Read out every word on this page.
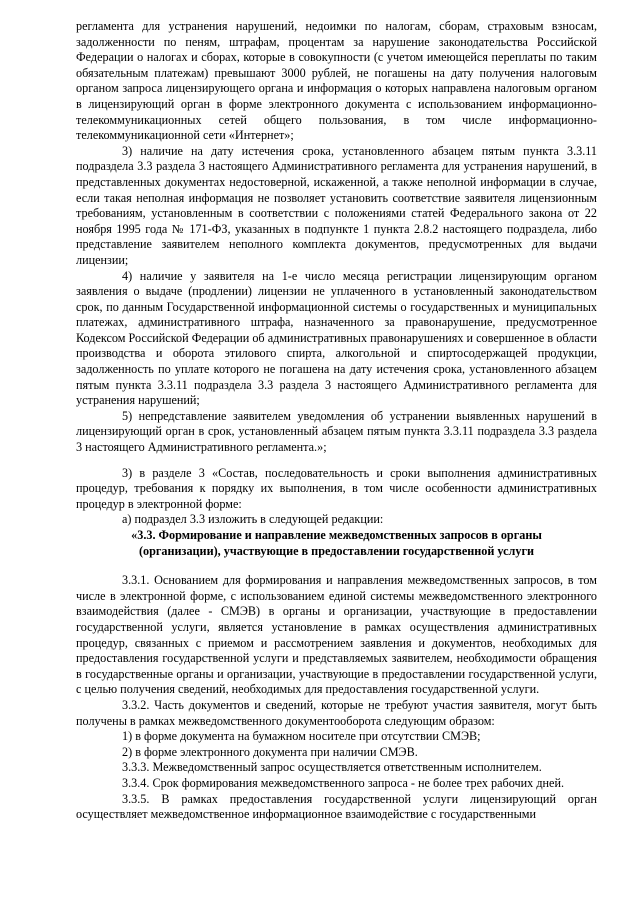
регламента для устранения нарушений, недоимки по налогам, сборам, страховым взносам, задолженности по пеням, штрафам, процентам за нарушение законодательства Российской Федерации о налогах и сборах, которые в совокупности (с учетом имеющейся переплаты по таким обязательным платежам) превышают 3000 рублей, не погашены на дату получения налоговым органом запроса лицензирующего органа и информация о которых направлена налоговым органом в лицензирующий орган в форме электронного документа с использованием информационно-телекоммуникационных сетей общего пользования, в том числе информационно-телекоммуникационной сети «Интернет»;

3) наличие на дату истечения срока, установленного абзацем пятым пункта 3.3.11 подраздела 3.3 раздела 3 настоящего Административного регламента для устранения нарушений, в представленных документах недостоверной, искаженной, а также неполной информации в случае, если такая неполная информация не позволяет установить соответствие заявителя лицензионным требованиям, установленным в соответствии с положениями статей Федерального закона от 22 ноября 1995 года № 171-ФЗ, указанных в подпункте 1 пункта 2.8.2 настоящего подраздела, либо представление заявителем неполного комплекта документов, предусмотренных для выдачи лицензии;

4) наличие у заявителя на 1-е число месяца регистрации лицензирующим органом заявления о выдаче (продлении) лицензии не уплаченного в установленный законодательством срок, по данным Государственной информационной системы о государственных и муниципальных платежах, административного штрафа, назначенного за правонарушение, предусмотренное Кодексом Российской Федерации об административных правонарушениях и совершенное в области производства и оборота этилового спирта, алкогольной и спиртосодержащей продукции, задолженность по уплате которого не погашена на дату истечения срока, установленного абзацем пятым пункта 3.3.11 подраздела 3.3 раздела 3 настоящего Административного регламента для устранения нарушений;

5) непредставление заявителем уведомления об устранении выявленных нарушений в лицензирующий орган в срок, установленный абзацем пятым пункта 3.3.11 подраздела 3.3 раздела 3 настоящего Административного регламента.»;

3) в разделе 3 «Состав, последовательность и сроки выполнения административных процедур, требования к порядку их выполнения, в том числе особенности административных процедур в электронной форме:

а) подраздел 3.3 изложить в следующей редакции:

«3.3. Формирование и направление межведомственных запросов в органы (организации), участвующие в предоставлении государственной услуги

3.3.1. Основанием для формирования и направления межведомственных запросов, в том числе в электронной форме, с использованием единой системы межведомственного электронного взаимодействия (далее - СМЭВ) в органы и организации, участвующие в предоставлении государственной услуги, является установление в рамках осуществления административных процедур, связанных с приемом и рассмотрением заявления и документов, необходимых для предоставления государственной услуги и представляемых заявителем, необходимости обращения в государственные органы и организации, участвующие в предоставлении государственной услуги, с целью получения сведений, необходимых для предоставления государственной услуги.

3.3.2. Часть документов и сведений, которые не требуют участия заявителя, могут быть получены в рамках межведомственного документооборота следующим образом:

1) в форме документа на бумажном носителе при отсутствии СМЭВ;

2) в форме электронного документа при наличии СМЭВ.

3.3.3. Межведомственный запрос осуществляется ответственным исполнителем.

3.3.4. Срок формирования межведомственного запроса - не более трех рабочих дней.

3.3.5. В рамках предоставления государственной услуги лицензирующий орган осуществляет межведомственное информационное взаимодействие с государственными
